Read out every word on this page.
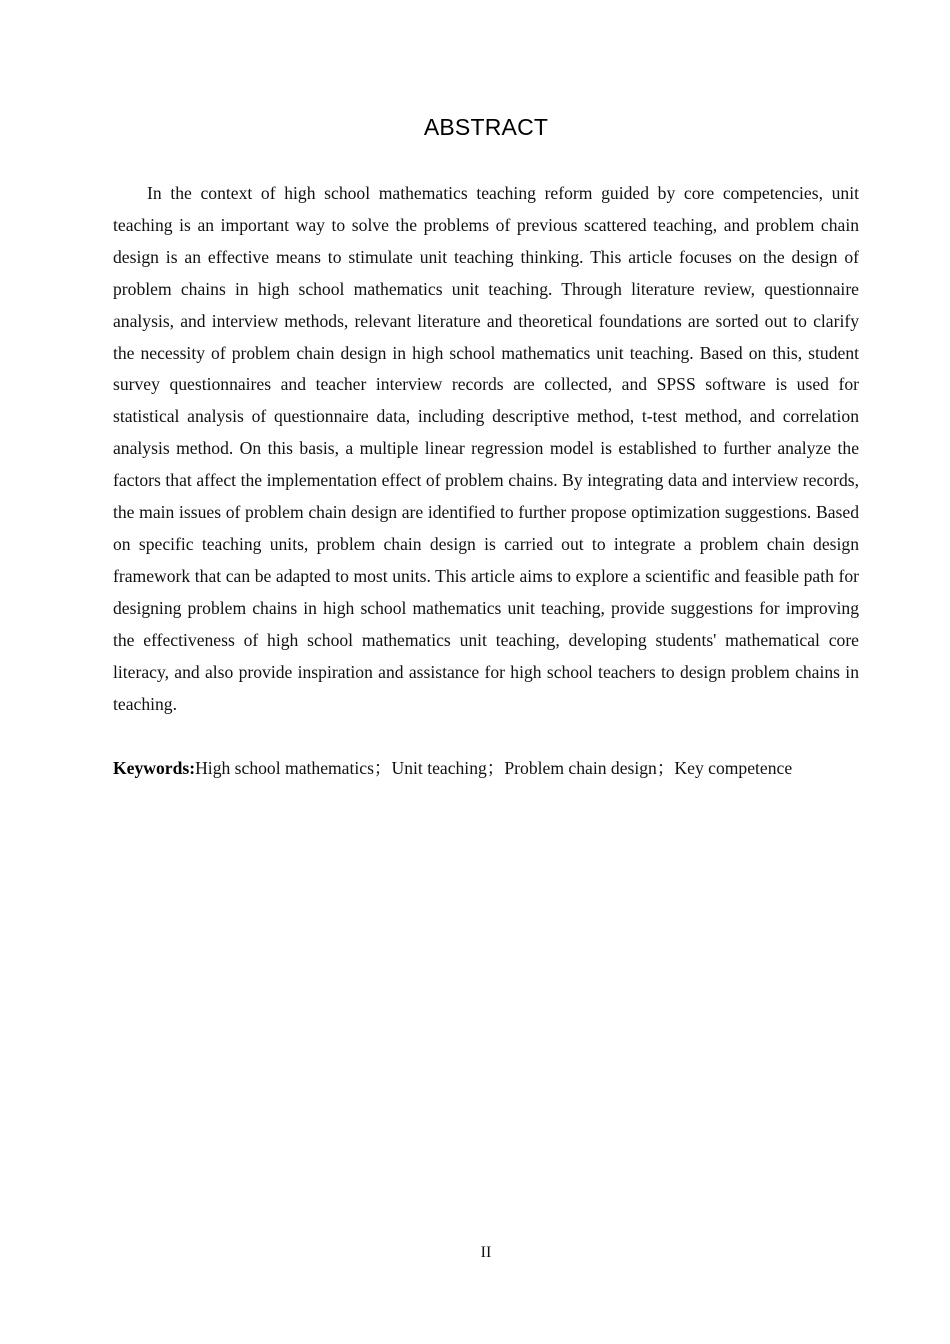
ABSTRACT

In the context of high school mathematics teaching reform guided by core competencies, unit teaching is an important way to solve the problems of previous scattered teaching, and problem chain design is an effective means to stimulate unit teaching thinking. This article focuses on the design of problem chains in high school mathematics unit teaching. Through literature review, questionnaire analysis, and interview methods, relevant literature and theoretical foundations are sorted out to clarify the necessity of problem chain design in high school mathematics unit teaching. Based on this, student survey questionnaires and teacher interview records are collected, and SPSS software is used for statistical analysis of questionnaire data, including descriptive method, t-test method, and correlation analysis method. On this basis, a multiple linear regression model is established to further analyze the factors that affect the implementation effect of problem chains. By integrating data and interview records, the main issues of problem chain design are identified to further propose optimization suggestions. Based on specific teaching units, problem chain design is carried out to integrate a problem chain design framework that can be adapted to most units. This article aims to explore a scientific and feasible path for designing problem chains in high school mathematics unit teaching, provide suggestions for improving the effectiveness of high school mathematics unit teaching, developing students' mathematical core literacy, and also provide inspiration and assistance for high school teachers to design problem chains in teaching.

Keywords:High school mathematics；Unit teaching；Problem chain design；Key competence
II
